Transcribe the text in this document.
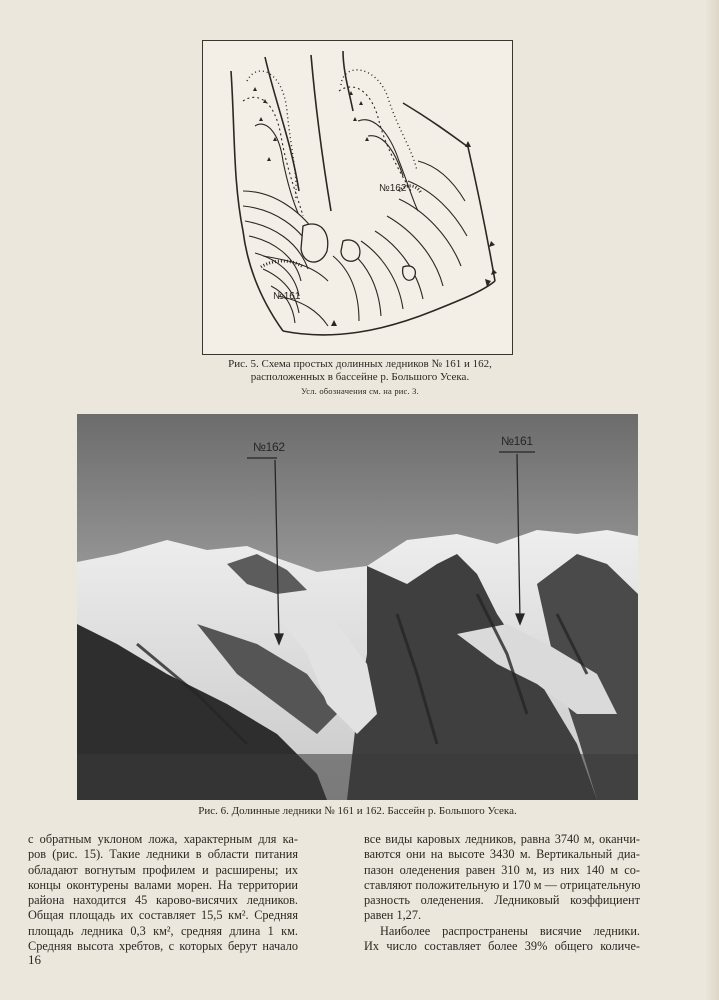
№161
№162
Рис. 5. Схема простых долинных ледников № 161 и 162,
расположенных в бассейне р. Большого Усека.
Усл. обозначения см. на рис. 3.
№162	№161
Рис. 6. Долинные ледники № 161 и 162. Бассейн р. Большого Усека.
с обратным уклоном ложа, характерным для ка-
ров (рис. 15). Такие ледники в области питания
обладают вогнутым профилем и расширены; их
концы оконтурены валами морен. На территории
района находится 45 карово-висячих ледников.
Общая площадь их составляет 15,5 км². Средняя
площадь ледника 0,3 км², средняя длина 1 км.
Средняя высота хребтов, с которых берут начало
все виды каровых ледников, равна 3740 м, оканчи-
ваются они на высоте 3430 м. Вертикальный диа-
пазон оледенения равен 310 м, из них 140 м со-
ставляют положительную и 170 м — отрицательную
разность оледенения. Ледниковый коэффициент
равен 1,27.
Наиболее распространены висячие ледники.
Их число составляет более 39% общего количе-
16
